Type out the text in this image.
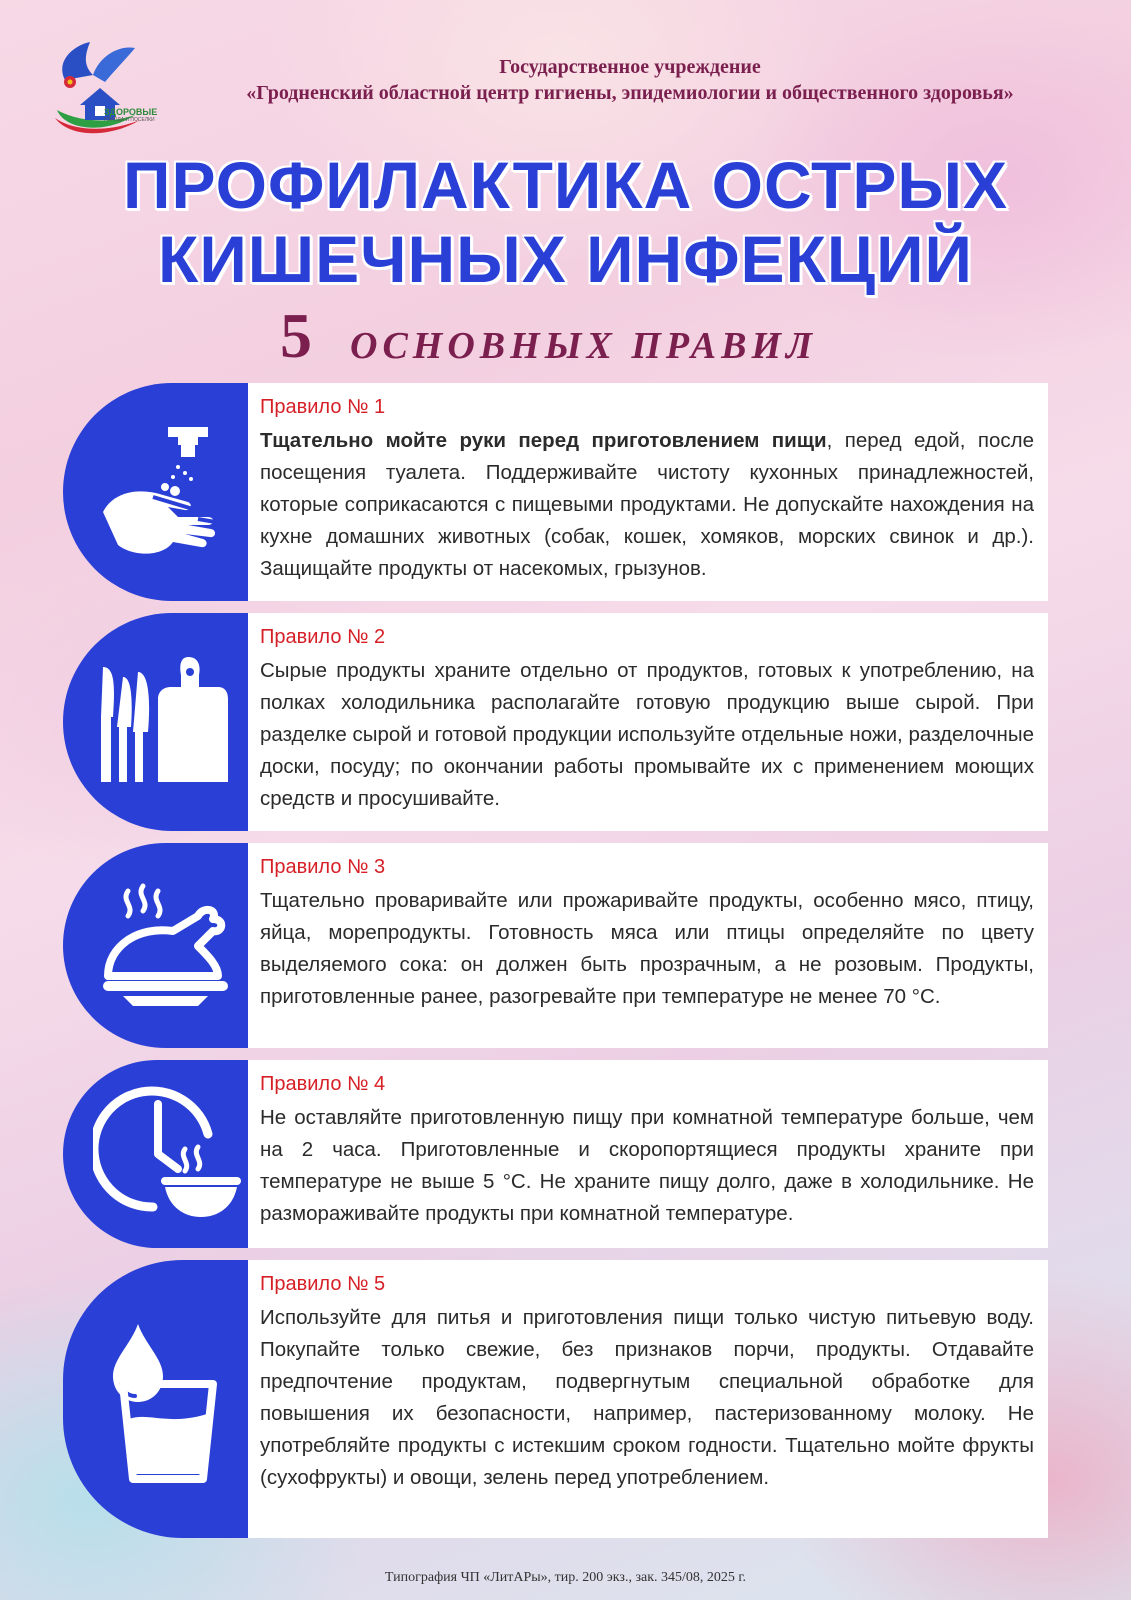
ЗДОРОВЫЕ
ГОРОДА И ПОСЕЛКИ
Государственное учреждение
«Гродненский областной центр гигиены, эпидемиологии и общественного здоровья»
ПРОФИЛАКТИКА ОСТРЫХ
КИШЕЧНЫХ ИНФЕКЦИЙ
5 ОСНОВНЫХ ПРАВИЛ
Правило № 1
Тщательно мойте руки перед приготовлением пищи, перед едой, после посещения туалета. Поддерживайте чистоту кухонных принадлежностей, которые соприкасаются с пищевыми продуктами. Не допускайте нахождения на кухне домашних животных (собак, кошек, хомяков, морских свинок и др.). Защищайте продукты от насекомых, грызунов.
Правило № 2
Сырые продукты храните отдельно от продуктов, готовых к употреблению, на полках холодильника располагайте готовую продукцию выше сырой. При разделке сырой и готовой продукции используйте отдельные ножи, разделочные доски, посуду; по окончании работы промывайте их с применением моющих средств и просушивайте.
Правило № 3
Тщательно проваривайте или прожаривайте продукты, особенно мясо, птицу, яйца, морепродукты. Готовность мяса или птицы определяйте по цвету выделяемого сока: он должен быть прозрачным, а не розовым. Продукты, приготовленные ранее, разогревайте при температуре не менее 70 °С.
Правило № 4
Не оставляйте приготовленную пищу при комнатной температуре больше, чем на 2 часа. Приготовленные и скоропортящиеся продукты храните при температуре не выше 5 °С. Не храните пищу долго, даже в холодильнике. Не размораживайте продукты при комнатной температуре.
Правило № 5
Используйте для питья и приготовления пищи только чистую питьевую воду. Покупайте только свежие, без признаков порчи, продукты. Отдавайте предпочтение продуктам, подвергнутым специальной обработке для повышения их безопасности, например, пастеризованному молоку. Не употребляйте продукты с истекшим сроком годности. Тщательно мойте фрукты (сухофрукты) и овощи, зелень перед употреблением.
Типография ЧП «ЛитАРы», тир. 200 экз., зак. 345/08, 2025 г.
